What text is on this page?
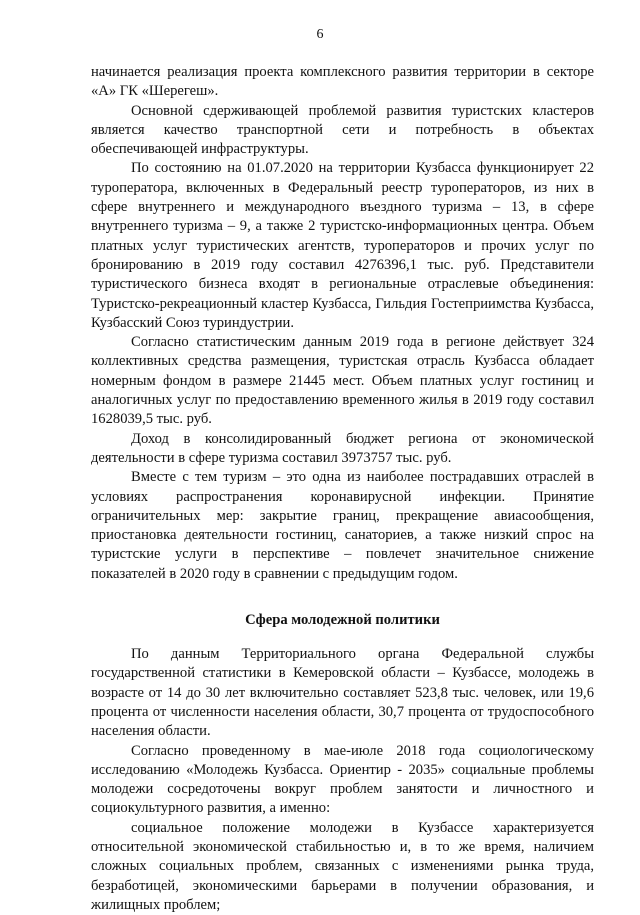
6

начинается реализация проекта комплексного развития территории в секторе «А» ГК «Шерегеш».

Основной сдерживающей проблемой развития туристских кластеров является качество транспортной сети и потребность в объектах обеспечивающей инфраструктуры.

По состоянию на 01.07.2020 на территории Кузбасса функционирует 22 туроператора, включенных в Федеральный реестр туроператоров, из них в сфере внутреннего и международного въездного туризма – 13, в сфере внутреннего туризма – 9, а также 2 туристско-информационных центра. Объем платных услуг туристических агентств, туроператоров и прочих услуг по бронированию в 2019 году составил 4276396,1 тыс. руб. Представители туристического бизнеса входят в региональные отраслевые объединения: Туристско-рекреационный кластер Кузбасса, Гильдия Гостеприимства Кузбасса, Кузбасский Союз туриндустрии.

Согласно статистическим данным 2019 года в регионе действует 324 коллективных средства размещения, туристская отрасль Кузбасса обладает номерным фондом в размере 21445 мест. Объем платных услуг гостиниц и аналогичных услуг по предоставлению временного жилья в 2019 году составил 1628039,5 тыс. руб.

Доход в консолидированный бюджет региона от экономической деятельности в сфере туризма составил 3973757 тыс. руб.

Вместе с тем туризм – это одна из наиболее пострадавших отраслей в условиях распространения коронавирусной инфекции. Принятие ограничительных мер: закрытие границ, прекращение авиасообщения, приостановка деятельности гостиниц, санаториев, а также низкий спрос на туристские услуги в перспективе – повлечет значительное снижение показателей в 2020 году в сравнении с предыдущим годом.

Сфера молодежной политики

По данным Территориального органа Федеральной службы государственной статистики в Кемеровской области – Кузбассе, молодежь в возрасте от 14 до 30 лет включительно составляет 523,8 тыс. человек, или 19,6 процента от численности населения области, 30,7 процента от трудоспособного населения области.

Согласно проведенному в мае-июле 2018 года социологическому исследованию «Молодежь Кузбасса. Ориентир - 2035» социальные проблемы молодежи сосредоточены вокруг проблем занятости и личностного и социокультурного развития, а именно:

социальное положение молодежи в Кузбассе характеризуется относительной экономической стабильностью и, в то же время, наличием сложных социальных проблем, связанных с изменениями рынка труда, безработицей, экономическими барьерами в получении образования, и жилищных проблем;
